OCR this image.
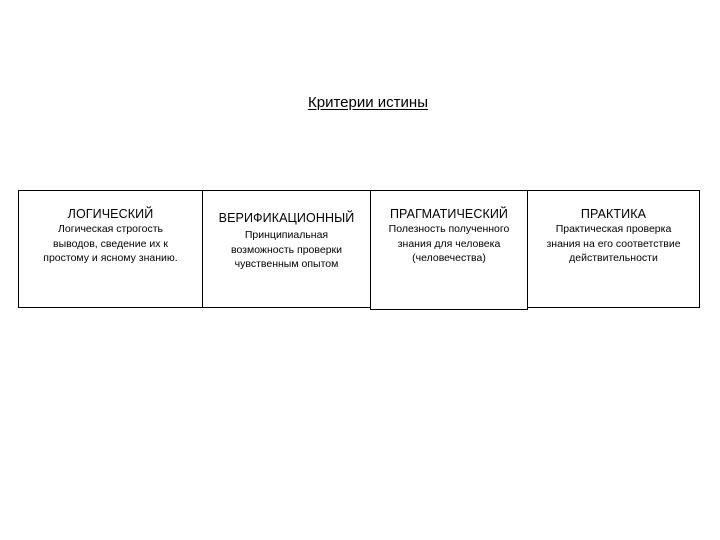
Критерии истины
ЛОГИЧЕСКИЙ
Логическая строгость
выводов, сведение их к
простому и ясному знанию.
ВЕРИФИКАЦИОННЫЙ
Принципиальная
возможность проверки
чувственным опытом
ПРАГМАТИЧЕСКИЙ
Полезность полученного
знания для человека
(человечества)
ПРАКТИКА
Практическая проверка
знания на его соответствие
действительности
